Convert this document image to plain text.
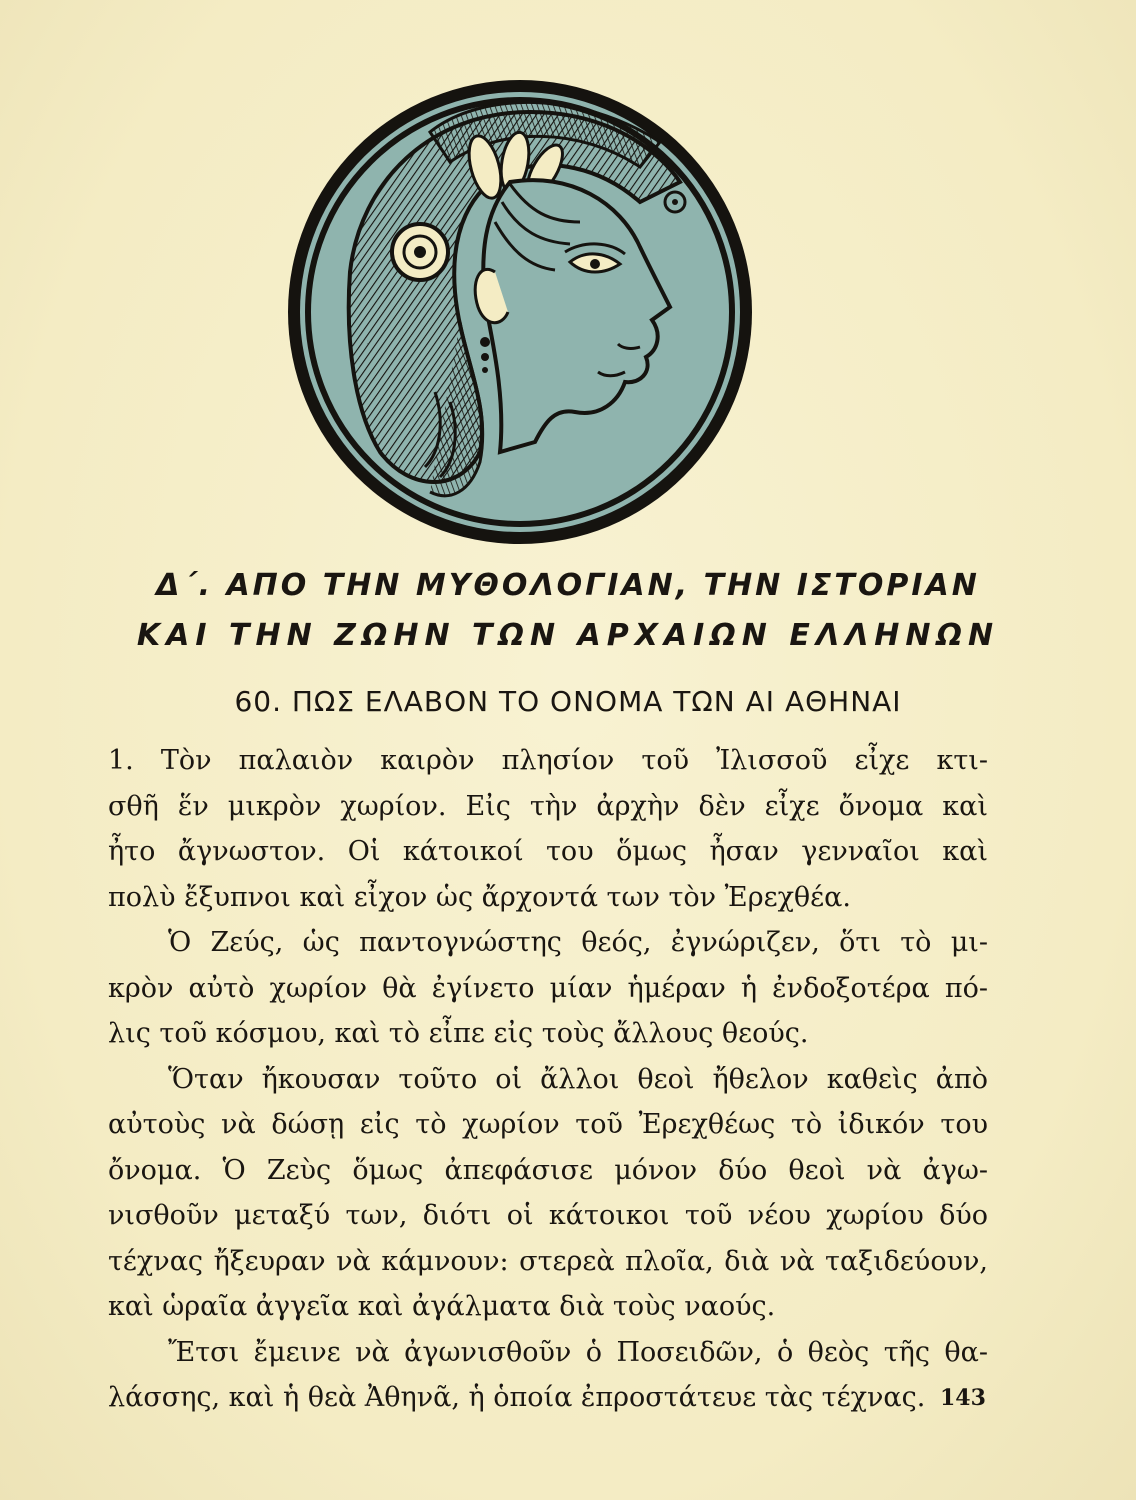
Δ΄. ΑΠΟ ΤΗΝ ΜΥΘΟΛΟΓΙΑΝ, ΤΗΝ ΙΣΤΟΡΙΑΝ
ΚΑΙ ΤΗΝ ΖΩΗΝ ΤΩΝ ΑΡΧΑΙΩΝ ΕΛΛΗΝΩΝ
60. ΠΩΣ ΕΛΑΒΟΝ ΤΟ ΟΝΟΜΑ ΤΩΝ ΑΙ ΑΘΗΝΑΙ
1. Τὸν παλαιὸν καιρὸν πλησίον τοῦ Ἰλισσοῦ εἶχε κτι-
σθῆ ἕν μικρὸν χωρίον. Εἰς τὴν ἀρχὴν δὲν εἶχε ὄνομα καὶ
ἦτο ἄγνωστον. Οἱ κάτοικοί του ὅμως ἦσαν γενναῖοι καὶ
πολὺ ἔξυπνοι καὶ εἶχον ὡς ἄρχοντά των τὸν Ἐρεχθέα.
Ὁ Ζεύς, ὡς παντογνώστης θεός, ἐγνώριζεν, ὅτι τὸ μι-
κρὸν αὐτὸ χωρίον θὰ ἐγίνετο μίαν ἡμέραν ἡ ἐνδοξοτέρα πό-
λις τοῦ κόσμου, καὶ τὸ εἶπε εἰς τοὺς ἄλλους θεούς.
Ὅταν ἤκουσαν τοῦτο οἱ ἄλλοι θεοὶ ἤθελον καθεὶς ἀπὸ
αὐτοὺς νὰ δώσῃ εἰς τὸ χωρίον τοῦ Ἐρεχθέως τὸ ἰδικόν του
ὄνομα. Ὁ Ζεὺς ὅμως ἀπεφάσισε μόνον δύο θεοὶ νὰ ἀγω-
νισθοῦν μεταξύ των, διότι οἱ κάτοικοι τοῦ νέου χωρίου δύο
τέχνας ἤξευραν νὰ κάμνουν: στερεὰ πλοῖα, διὰ νὰ ταξιδεύουν,
καὶ ὡραῖα ἀγγεῖα καὶ ἀγάλματα διὰ τοὺς ναούς.
Ἔτσι ἔμεινε νὰ ἀγωνισθοῦν ὁ Ποσειδῶν, ὁ θεὸς τῆς θα-
λάσσης, καὶ ἡ θεὰ Ἀθηνᾶ, ἡ ὁποία ἐπροστάτευε τὰς τέχνας. 143
